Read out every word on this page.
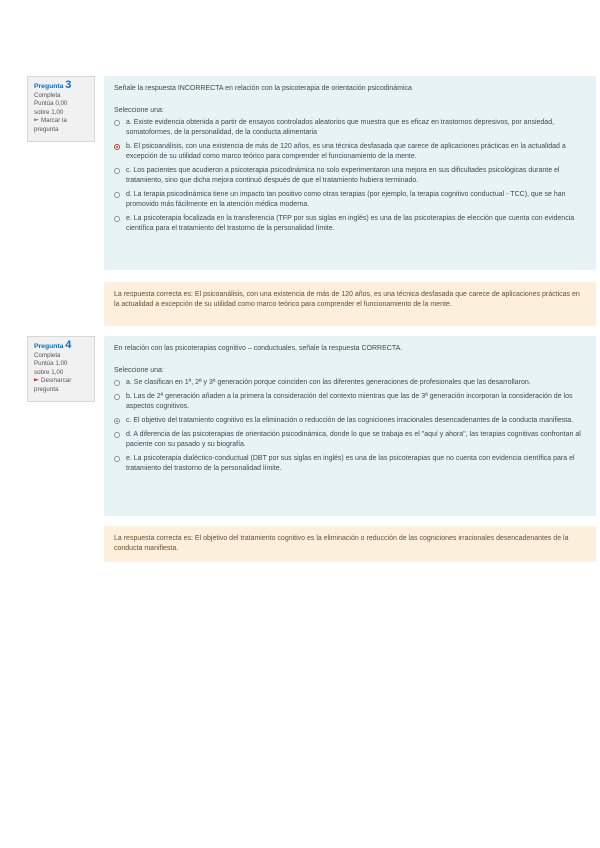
Pregunta 3
Completa
Puntúa 0,00
sobre 1,00
Marcar la
pregunta
Señale la respuesta INCORRECTA en relación con la psicoterapia de orientación psicodinámica
Seleccione una:
a. Existe evidencia obtenida a partir de ensayos controlados aleatorios que muestra que es eficaz en trastornos depresivos, por ansiedad, somatoformes, de la personalidad, de la conducta alimentaria
b. El psicoanálisis, con una existencia de más de 120 años, es una técnica desfasada que carece de aplicaciones prácticas en la actualidad a excepción de su utilidad como marco teórico para comprender el funcionamiento de la mente.
c. Los pacientes que acudieron a psicoterapia psicodinámica no solo experimentaron una mejora en sus dificultades psicológicas durante el tratamiento, sino que dicha mejora continuó después de que el tratamiento hubiera terminado.
d. La terapia psicodinámica tiene un impacto tan positivo como otras terapias (por ejemplo, la terapia cognitivo conductual - TCC), que se han promovido más fácilmente en la atención médica moderna.
e. La psicoterapia focalizada en la transferencia (TFP por sus siglas en inglés) es una de las psicoterapias de elección que cuenta con evidencia científica para el tratamiento del trastorno de la personalidad límite.
La respuesta correcta es: El psicoanálisis, con una existencia de más de 120 años, es una técnica desfasada que carece de aplicaciones prácticas en la actualidad a excepción de su utilidad como marco teórico para comprender el funcionamiento de la mente.
Pregunta 4
Completa
Puntúa 1,00
sobre 1,00
Desmarcar
pregunta
En relación con las psicoterapias cognitivo – conductuales, señale la respuesta CORRECTA.
Seleccione una:
a. Se clasifican en 1ª, 2ª y 3ª generación porque coinciden con las diferentes generaciones de profesionales que las desarrollaron.
b. Las de 2ª generación añaden a la primera la consideración del contexto mientras que las de 3ª generación incorporan la consideración de los aspectos cognitivos.
c. El objetivo del tratamiento cognitivo es la eliminación o reducción de las cogniciones irracionales desencadenantes de la conducta manifiesta.
d. A diferencia de las psicoterapias de orientación psicodinámica, donde lo que se trabaja es el "aquí y ahora", las terapias cognitivas confrontan al paciente con su pasado y su biografía.
e. La psicoterapia dialéctico-conductual (DBT por sus siglas en inglés) es una de las psicoterapias que no cuenta con evidencia científica para el tratamiento del trastorno de la personalidad límite.
La respuesta correcta es: El objetivo del tratamiento cognitivo es la eliminación o reducción de las cogniciones irracionales desencadenantes de la conducta manifiesta.
